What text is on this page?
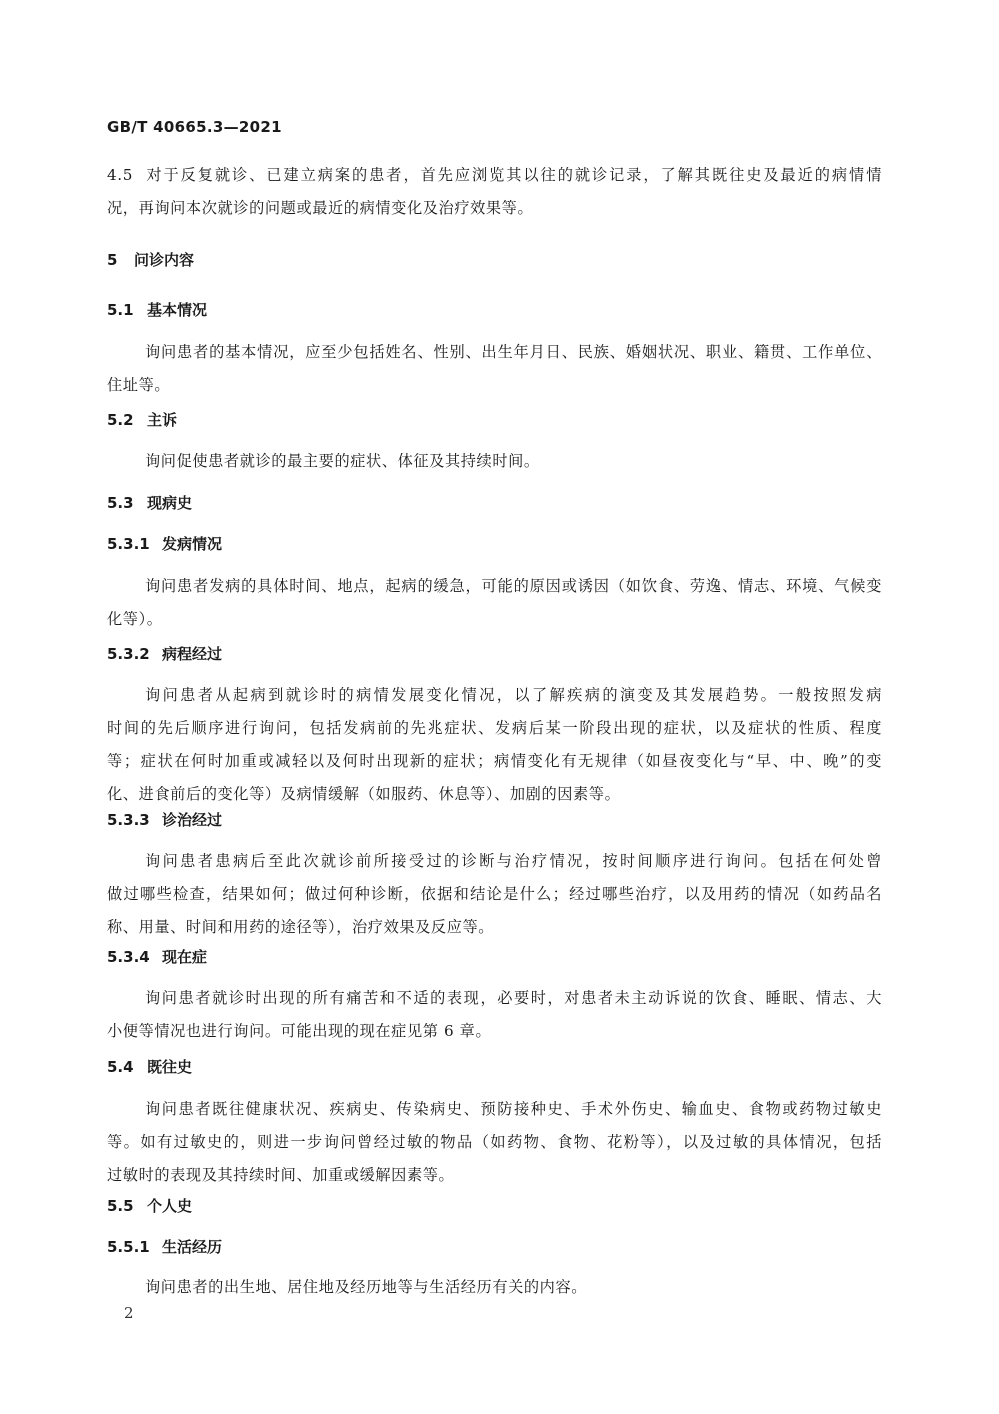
GB/T 40665.3—2021
4.5 对于反复就诊、已建立病案的患者，首先应浏览其以往的就诊记录，了解其既往史及最近的病情情
况，再询问本次就诊的问题或最近的病情变化及治疗效果等。
5 问诊内容
5.1 基本情况
询问患者的基本情况，应至少包括姓名、性别、出生年月日、民族、婚姻状况、职业、籍贯、工作单位、
住址等。
5.2 主诉
询问促使患者就诊的最主要的症状、体征及其持续时间。
5.3 现病史
5.3.1 发病情况
询问患者发病的具体时间、地点，起病的缓急，可能的原因或诱因（如饮食、劳逸、情志、环境、气候变
化等）。
5.3.2 病程经过
询问患者从起病到就诊时的病情发展变化情况，以了解疾病的演变及其发展趋势。一般按照发病
时间的先后顺序进行询问，包括发病前的先兆症状、发病后某一阶段出现的症状，以及症状的性质、程度
等；症状在何时加重或减轻以及何时出现新的症状；病情变化有无规律（如昼夜变化与“早、中、晚”的变
化、进食前后的变化等）及病情缓解（如服药、休息等）、加剧的因素等。
5.3.3 诊治经过
询问患者患病后至此次就诊前所接受过的诊断与治疗情况，按时间顺序进行询问。包括在何处曾
做过哪些检查，结果如何；做过何种诊断，依据和结论是什么；经过哪些治疗，以及用药的情况（如药品名
称、用量、时间和用药的途径等），治疗效果及反应等。
5.3.4 现在症
询问患者就诊时出现的所有痛苦和不适的表现，必要时，对患者未主动诉说的饮食、睡眠、情志、大
小便等情况也进行询问。可能出现的现在症见第 6 章。
5.4 既往史
询问患者既往健康状况、疾病史、传染病史、预防接种史、手术外伤史、输血史、食物或药物过敏史
等。如有过敏史的，则进一步询问曾经过敏的物品（如药物、食物、花粉等），以及过敏的具体情况，包括
过敏时的表现及其持续时间、加重或缓解因素等。
5.5 个人史
5.5.1 生活经历
询问患者的出生地、居住地及经历地等与生活经历有关的内容。
2
